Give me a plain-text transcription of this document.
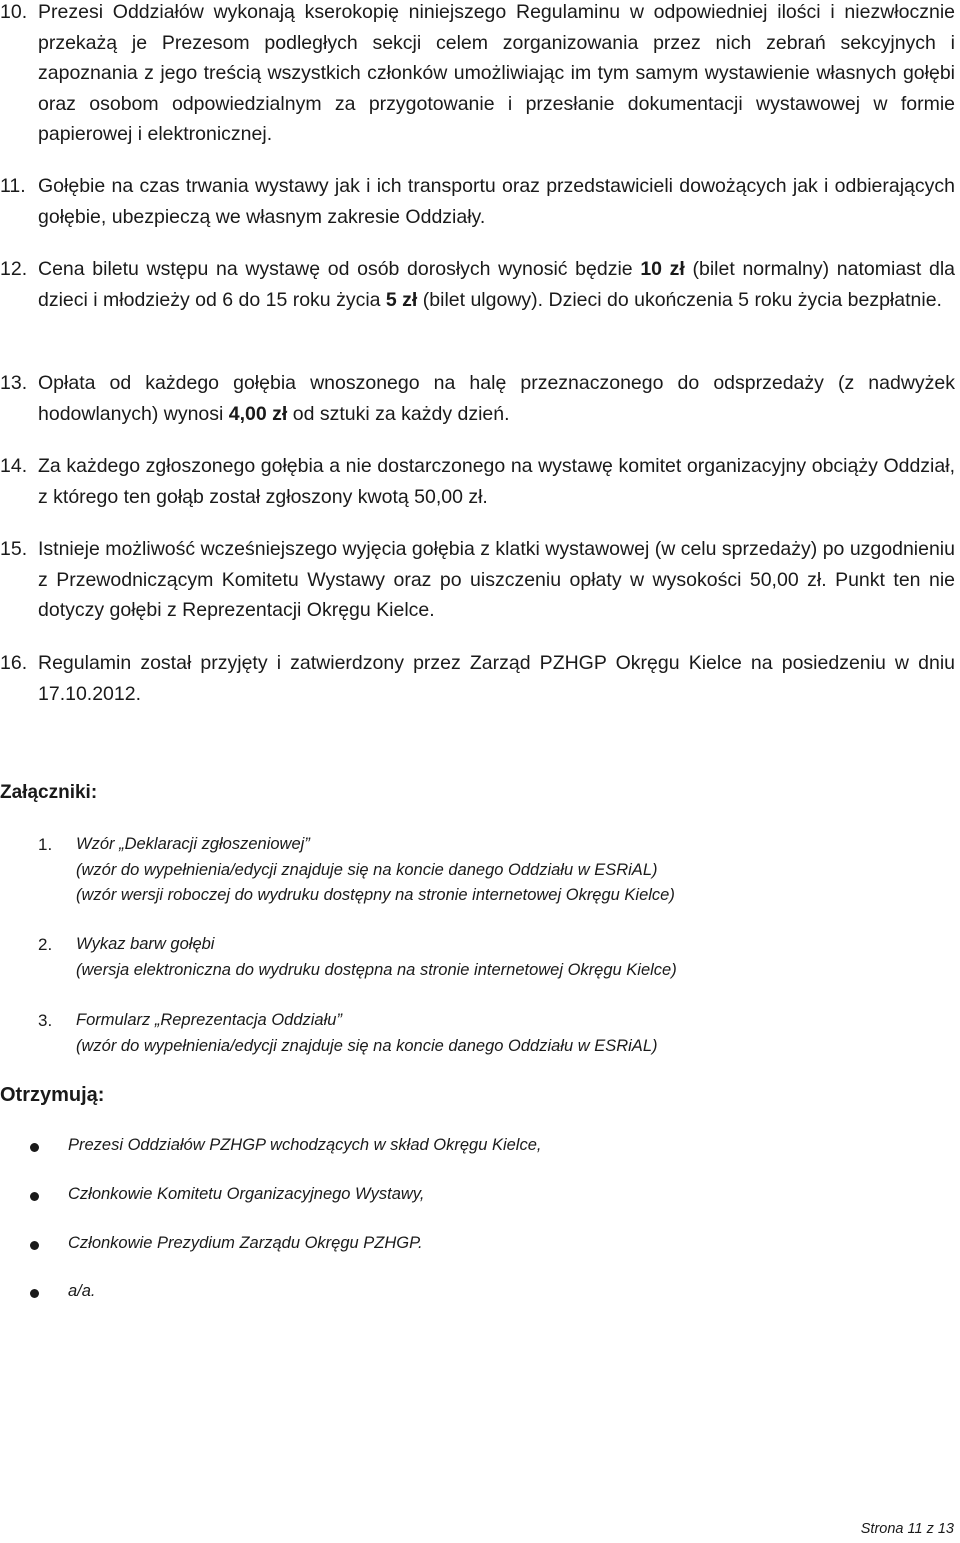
10. Prezesi Oddziałów wykonają kserokopię niniejszego Regulaminu w odpowiedniej ilości i niezwłocznie przekażą je Prezesom podległych sekcji celem zorganizowania przez nich zebrań sekcyjnych i zapoznania z jego treścią wszystkich członków umożliwiając im tym samym wystawienie własnych gołębi oraz osobom odpowiedzialnym za przygotowanie i przesłanie dokumentacji wystawowej w formie papierowej i elektronicznej.
11. Gołębie na czas trwania wystawy jak i ich transportu oraz przedstawicieli dowożących jak i odbierających gołębie, ubezpieczą we własnym zakresie Oddziały.
12. Cena biletu wstępu na wystawę od osób dorosłych wynosić będzie 10 zł (bilet normalny) natomiast dla dzieci i młodzieży od 6 do 15 roku życia 5 zł (bilet ulgowy). Dzieci do ukończenia 5 roku życia bezpłatnie.
13. Opłata od każdego gołębia wnoszonego na halę przeznaczonego do odsprzedaży (z nadwyżek hodowlanych) wynosi 4,00 zł od sztuki za każdy dzień.
14. Za każdego zgłoszonego gołębia a nie dostarczonego na wystawę komitet organizacyjny obciąży Oddział, z którego ten gołąb został zgłoszony kwotą 50,00 zł.
15. Istnieje możliwość wcześniejszego wyjęcia gołębia z klatki wystawowej (w celu sprzedaży) po uzgodnieniu z Przewodniczącym Komitetu Wystawy oraz po uiszczeniu opłaty w wysokości 50,00 zł. Punkt ten nie dotyczy gołębi z Reprezentacji Okręgu Kielce.
16. Regulamin został przyjęty i zatwierdzony przez Zarząd PZHGP Okręgu Kielce na posiedzeniu w dniu 17.10.2012.
Załączniki:
1. Wzór „Deklaracji zgłoszeniowej”
(wzór do wypełnienia/edycji znajduje się na koncie danego Oddziału w ESRiAL)
(wzór wersji roboczej do wydruku dostępny na stronie internetowej Okręgu Kielce)
2. Wykaz barw gołębi
(wersja elektroniczna do wydruku dostępna na stronie internetowej Okręgu Kielce)
3. Formularz „Reprezentacja Oddziału”
(wzór do wypełnienia/edycji znajduje się na koncie danego Oddziału w ESRiAL)
Otrzymują:
Prezesi Oddziałów PZHGP wchodzących w skład Okręgu Kielce,
Członkowie Komitetu Organizacyjnego Wystawy,
Członkowie Prezydium Zarządu Okręgu PZHGP.
a/a.
Strona 11 z 13
